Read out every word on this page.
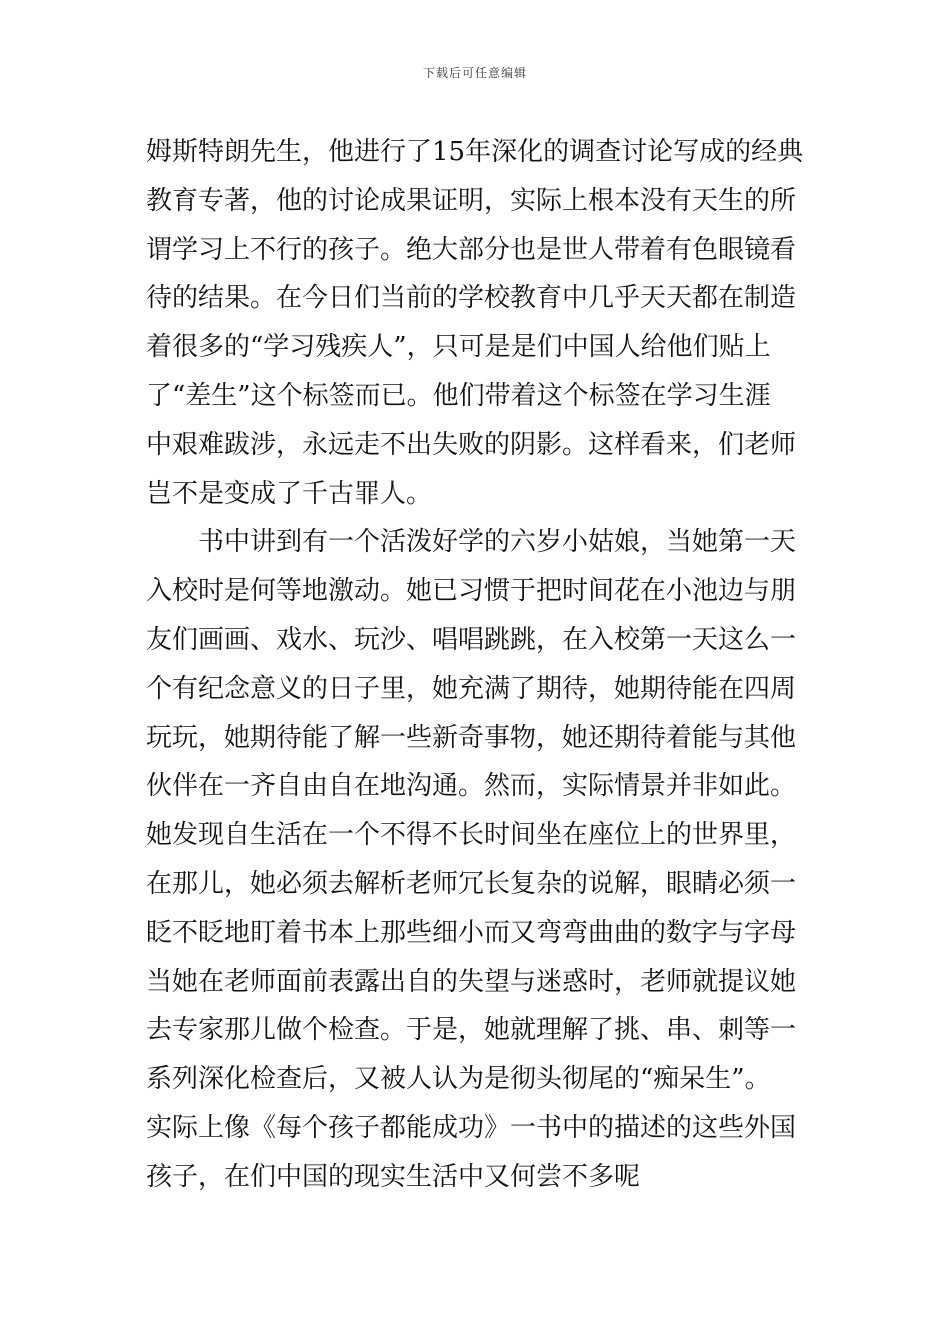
下载后可任意编辑

姆斯特朗先生，他进行了15年深化的调查讨论写成的经典
教育专著，他的讨论成果证明，实际上根本没有天生的所
谓学习上不行的孩子。绝大部分也是世人带着有色眼镜看
待的结果。在今日们当前的学校教育中几乎天天都在制造
着很多的“学习残疾人”，只可是是们中国人给他们贴上
了“差生”这个标签而已。他们带着这个标签在学习生涯
中艰难跋涉，永远走不出失败的阴影。这样看来，们老师
岂不是变成了千古罪人。

书中讲到有一个活泼好学的六岁小姑娘，当她第一天
入校时是何等地激动。她已习惯于把时间花在小池边与朋
友们画画、戏水、玩沙、唱唱跳跳，在入校第一天这么一
个有纪念意义的日子里，她充满了期待，她期待能在四周
玩玩，她期待能了解一些新奇事物，她还期待着能与其他
伙伴在一齐自由自在地沟通。然而，实际情景并非如此。
她发现自生活在一个不得不长时间坐在座位上的世界里，
在那儿，她必须去解析老师冗长复杂的说解，眼睛必须一
眨不眨地盯着书本上那些细小而又弯弯曲曲的数字与字母
当她在老师面前表露出自的失望与迷惑时，老师就提议她
去专家那儿做个检查。于是，她就理解了挑、串、刺等一
系列深化检查后，又被人认为是彻头彻尾的“痴呆生”。
实际上像《每个孩子都能成功》一书中的描述的这些外国
孩子，在们中国的现实生活中又何尝不多呢
